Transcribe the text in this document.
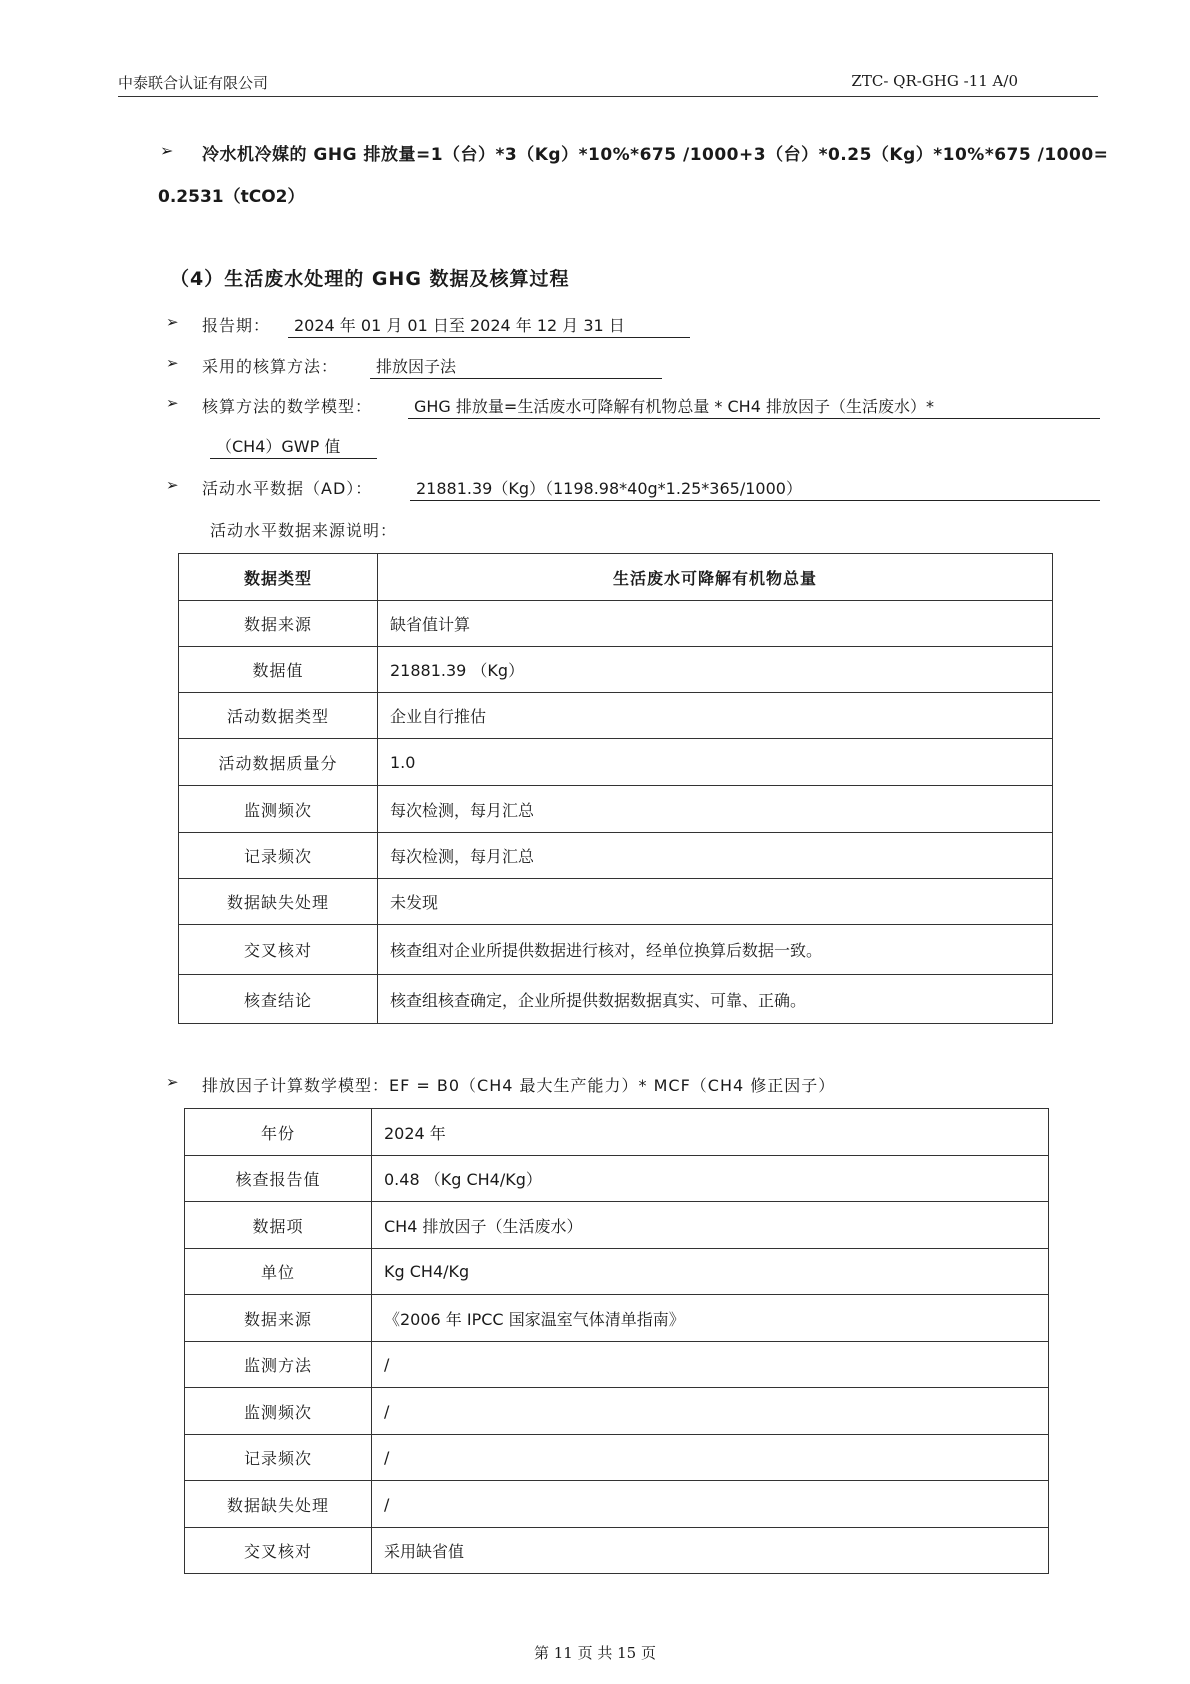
中泰联合认证有限公司	ZTC- QR-GHG -11 A/0
➢ 冷水机冷媒的 GHG 排放量=1（台）*3（Kg）*10%*675 /1000+3（台）*0.25（Kg）*10%*675 /1000=
0.2531（tCO2）
（4）生活废水处理的 GHG 数据及核算过程
➢ 报告期：	2024 年 01 月 01 日至 2024 年 12 月 31 日
➢ 采用的核算方法：	排放因子法
➢ 核算方法的数学模型：	GHG 排放量=生活废水可降解有机物总量 * CH4 排放因子（生活废水）*
（CH4）GWP 值
➢ 活动水平数据（AD）：	21881.39（Kg）（1198.98*40g*1.25*365/1000）
活动水平数据来源说明：
数据类型	生活废水可降解有机物总量
数据来源	缺省值计算
数据值	21881.39 （Kg）
活动数据类型	企业自行推估
活动数据质量分	1.0
监测频次	每次检测，每月汇总
记录频次	每次检测，每月汇总
数据缺失处理	未发现
交叉核对	核查组对企业所提供数据进行核对，经单位换算后数据一致。
核查结论	核查组核查确定，企业所提供数据数据真实、可靠、正确。
➢ 排放因子计算数学模型：EF = B0（CH4 最大生产能力）* MCF（CH4 修正因子）
年份	2024 年
核查报告值	0.48 （Kg CH4/Kg）
数据项	CH4 排放因子（生活废水）
单位	Kg CH4/Kg
数据来源	《2006 年 IPCC 国家温室气体清单指南》
监测方法	/
监测频次	/
记录频次	/
数据缺失处理	/
交叉核对	采用缺省值
第 11 页 共 15 页
